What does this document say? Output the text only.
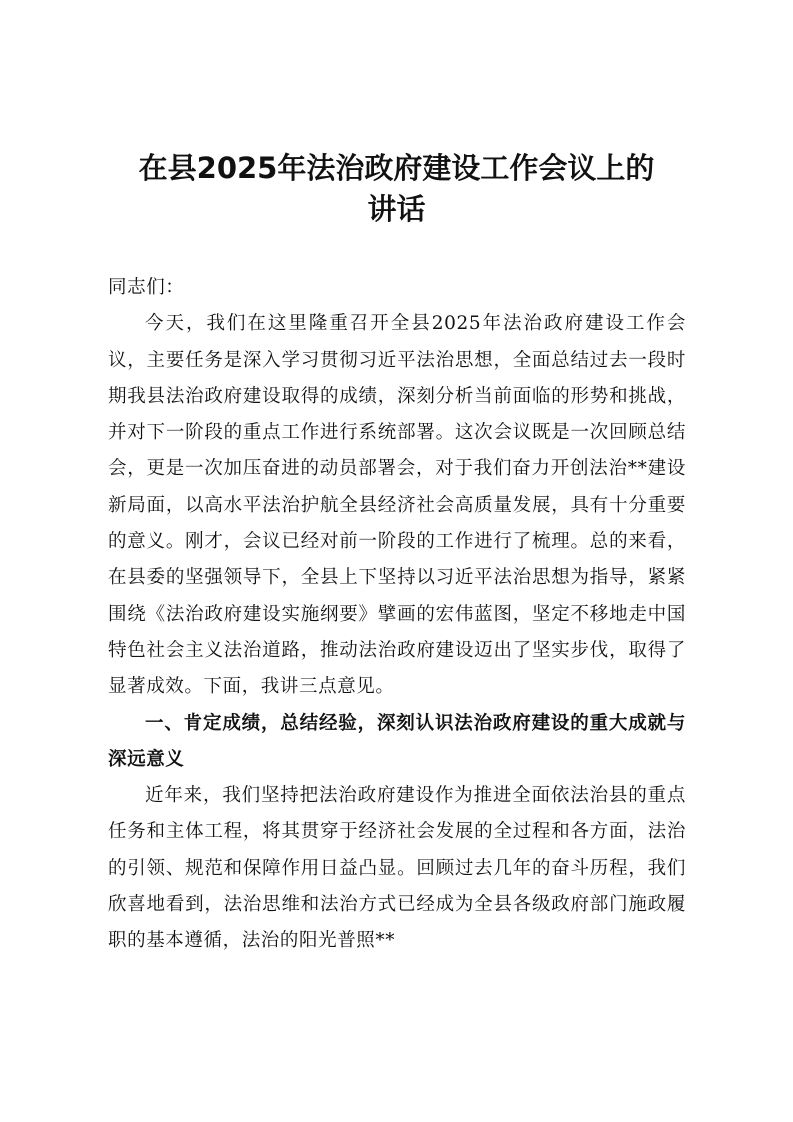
在县2025年法治政府建设工作会议上的
讲话

同志们：

今天，我们在这里隆重召开全县2025年法治政府建设工作会议，主要任务是深入学习贯彻习近平法治思想，全面总结过去一段时期我县法治政府建设取得的成绩，深刻分析当前面临的形势和挑战，并对下一阶段的重点工作进行系统部署。这次会议既是一次回顾总结会，更是一次加压奋进的动员部署会，对于我们奋力开创法治**建设新局面，以高水平法治护航全县经济社会高质量发展，具有十分重要的意义。刚才，会议已经对前一阶段的工作进行了梳理。总的来看，在县委的坚强领导下，全县上下坚持以习近平法治思想为指导，紧紧围绕《法治政府建设实施纲要》擘画的宏伟蓝图，坚定不移地走中国特色社会主义法治道路，推动法治政府建设迈出了坚实步伐，取得了显著成效。下面，我讲三点意见。

一、肯定成绩，总结经验，深刻认识法治政府建设的重大成就与深远意义

近年来，我们坚持把法治政府建设作为推进全面依法治县的重点任务和主体工程，将其贯穿于经济社会发展的全过程和各方面，法治的引领、规范和保障作用日益凸显。回顾过去几年的奋斗历程，我们欣喜地看到，法治思维和法治方式已经成为全县各级政府部门施政履职的基本遵循，法治的阳光普照**
